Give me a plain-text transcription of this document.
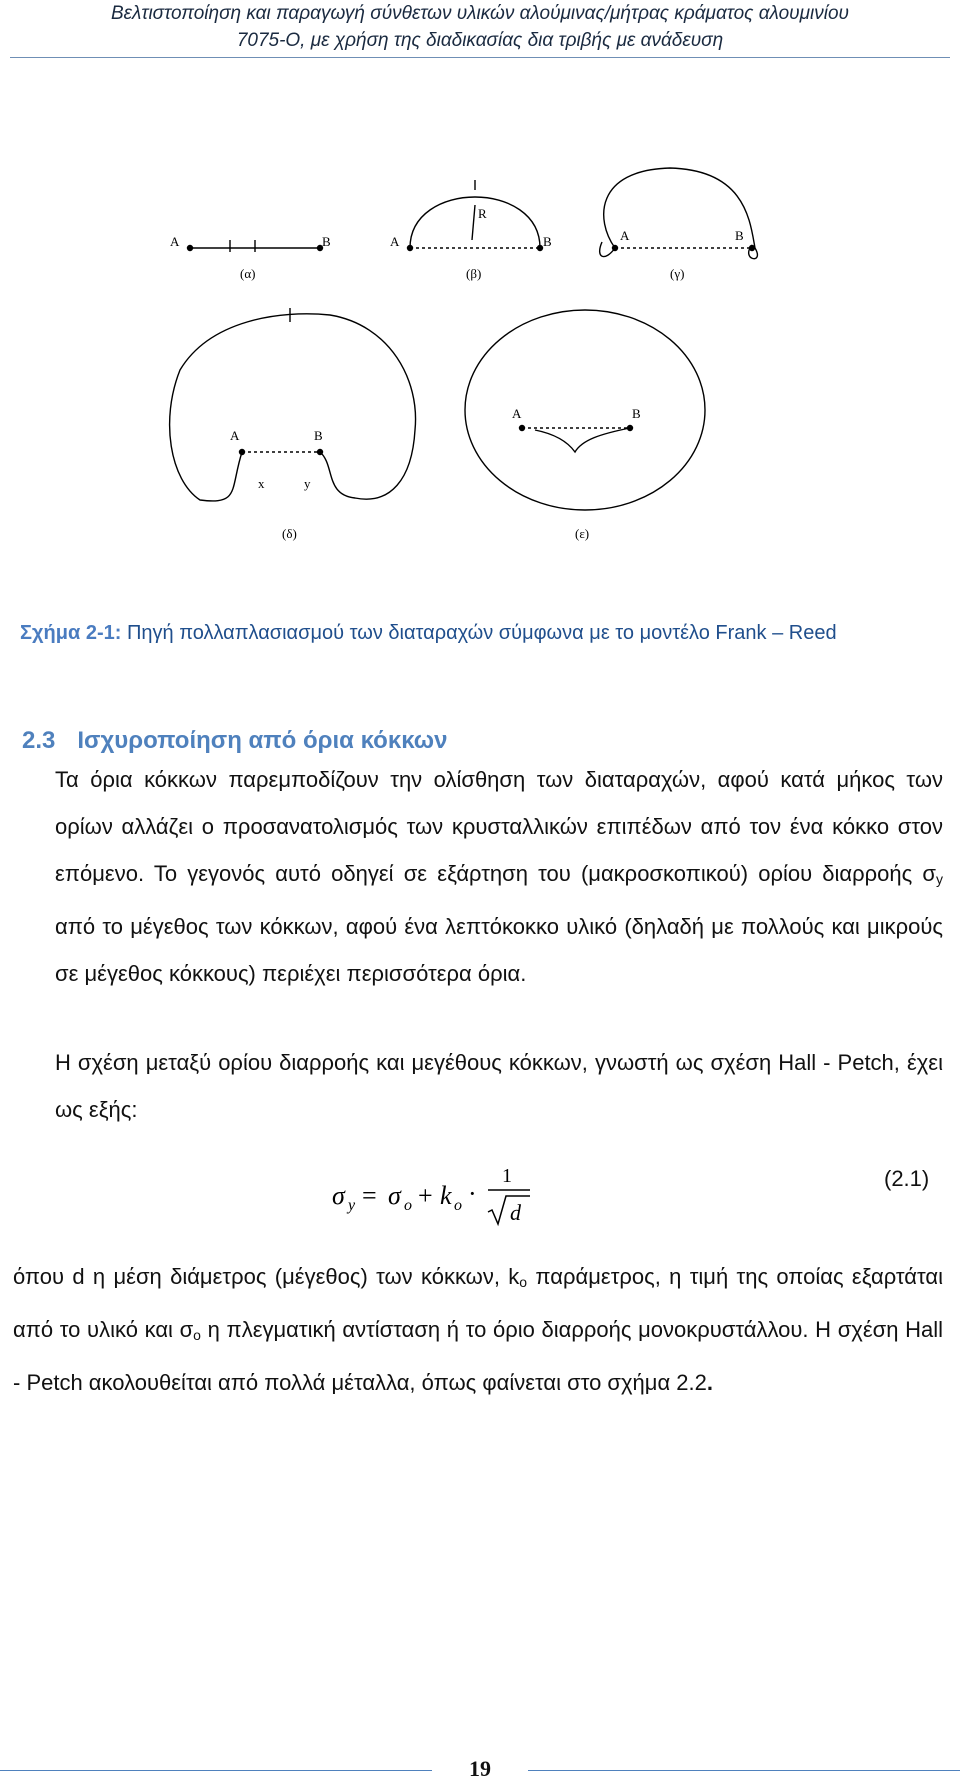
Βελτιστοποίηση και παραγωγή σύνθετων υλικών αλούμινας/μήτρας κράματος αλουμινίου
7075-O, με χρήση της διαδικασίας δια τριβής με ανάδευση
A	B
(α)
A	B
R
(β)
A	B
(γ)
A	B
x	y
(δ)
A	B
(ε)
Σχήμα 2-1: Πηγή πολλαπλασιασμού των διαταραχών σύμφωνα με το μοντέλο Frank – Reed
2.3 Ισχυροποίηση από όρια κόκκων
Τα όρια κόκκων παρεμποδίζουν την ολίσθηση των διαταραχών, αφού κατά μήκος των ορίων αλλάζει ο προσανατολισμός των κρυσταλλικών επιπέδων από τον ένα κόκκο στον επόμενο. Το γεγονός αυτό οδηγεί σε εξάρτηση του (μακροσκοπικού) ορίου διαρροής $\sigma_y$ από το μέγεθος των κόκκων, αφού ένα λεπτόκοκκο υλικό (δηλαδή με πολλούς και μικρούς σε μέγεθος κόκκους) περιέχει περισσότερα όρια.
Η σχέση μεταξύ ορίου διαρροής και μεγέθους κόκκων, γνωστή ως σχέση Hall - Petch, έχει ως εξής:
σ y = σ o + k o ·
1
d
(2.1)
όπου d η μέση διάμετρος (μέγεθος) των κόκκων, $k_o$ παράμετρος, η τιμή της οποίας εξαρτάται από το υλικό και $\sigma_o$ η πλεγματική αντίσταση ή το όριο διαρροής μονοκρυστάλλου. Η σχέση Hall - Petch ακολουθείται από πολλά μέταλλα, όπως φαίνεται στο σχήμα 2.2.
19
